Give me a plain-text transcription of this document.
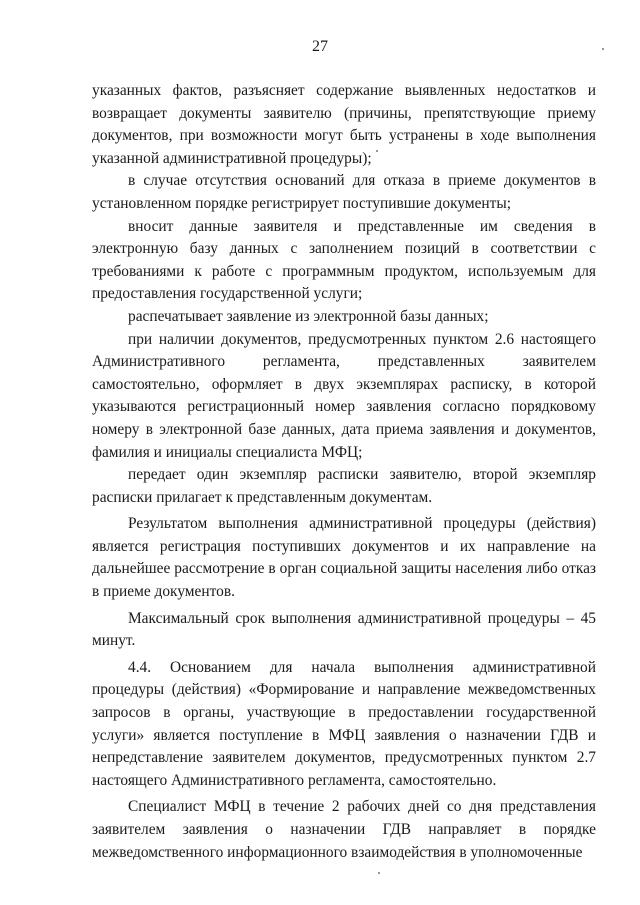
27

указанных фактов, разъясняет содержание выявленных недостатков и возвращает документы заявителю (причины, препятствующие приему документов, при возможности могут быть устранены в ходе выполнения указанной административной процедуры);

в случае отсутствия оснований для отказа в приеме документов в установленном порядке регистрирует поступившие документы;

вносит данные заявителя и представленные им сведения в электронную базу данных с заполнением позиций в соответствии с требованиями к работе с программным продуктом, используемым для предоставления государственной услуги;

распечатывает заявление из электронной базы данных;

при наличии документов, предусмотренных пунктом 2.6 настоящего Административного регламента, представленных заявителем самостоятельно, оформляет в двух экземплярах расписку, в которой указываются регистрационный номер заявления согласно порядковому номеру в электронной базе данных, дата приема заявления и документов, фамилия и инициалы специалиста МФЦ;

передает один экземпляр расписки заявителю, второй экземпляр расписки прилагает к представленным документам.

Результатом выполнения административной процедуры (действия) является регистрация поступивших документов и их направление на дальнейшее рассмотрение в орган социальной защиты населения либо отказ в приеме документов.

Максимальный срок выполнения административной процедуры – 45 минут.

4.4. Основанием для начала выполнения административной процедуры (действия) «Формирование и направление межведомственных запросов в органы, участвующие в предоставлении государственной услуги» является поступление в МФЦ заявления о назначении ГДВ и непредставление заявителем документов, предусмотренных пунктом 2.7 настоящего Административного регламента, самостоятельно.

Специалист МФЦ в течение 2 рабочих дней со дня представления заявителем заявления о назначении ГДВ направляет в порядке межведомственного информационного взаимодействия в уполномоченные
